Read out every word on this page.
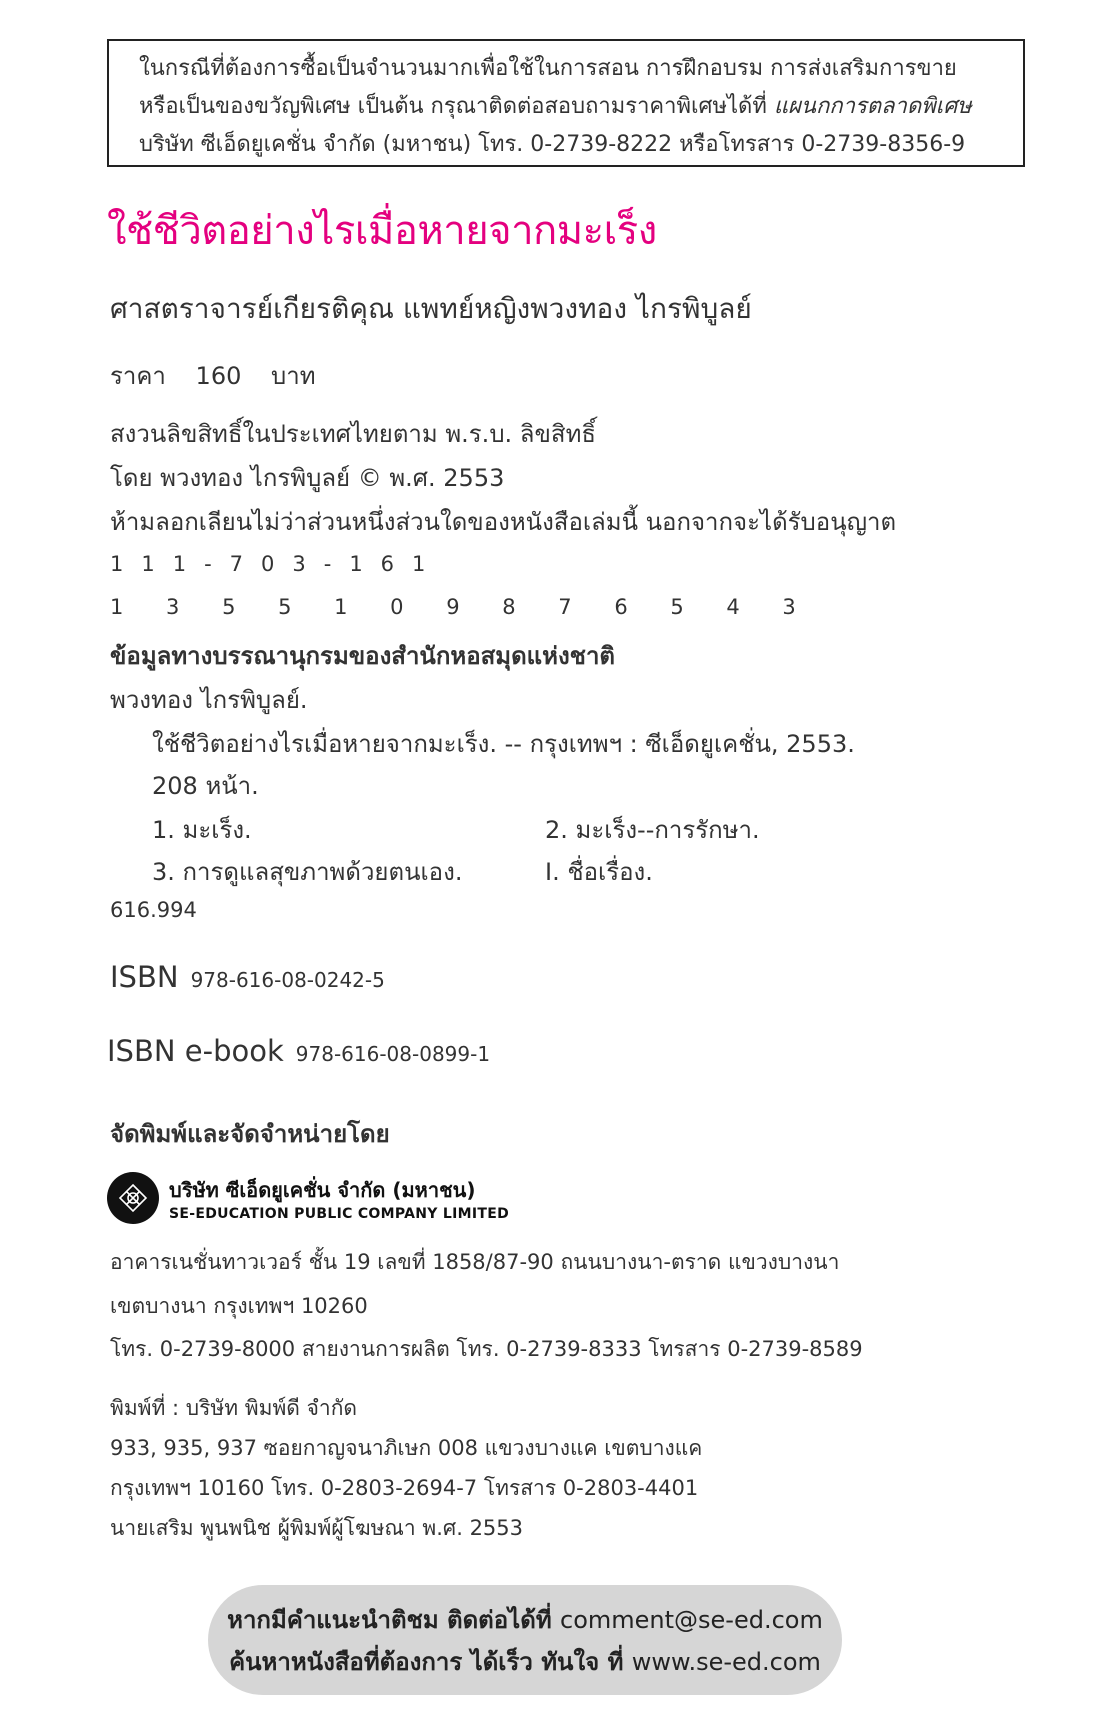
ในกรณีที่ต้องการซื้อเป็นจำนวนมากเพื่อใช้ในการสอน การฝึกอบรม การส่งเสริมการขาย
หรือเป็นของขวัญพิเศษ เป็นต้น กรุณาติดต่อสอบถามราคาพิเศษได้ที่ แผนกการตลาดพิเศษ
บริษัท ซีเอ็ดยูเคชั่น จำกัด (มหาชน) โทร. 0-2739-8222 หรือโทรสาร 0-2739-8356-9
ใช้ชีวิตอย่างไรเมื่อหายจากมะเร็ง
ศาสตราจารย์เกียรติคุณ แพทย์หญิงพวงทอง ไกรพิบูลย์
ราคา 160 บาท
สงวนลิขสิทธิ์ในประเทศไทยตาม พ.ร.บ. ลิขสิทธิ์
โดย พวงทอง ไกรพิบูลย์ © พ.ศ. 2553
ห้ามลอกเลียนไม่ว่าส่วนหนึ่งส่วนใดของหนังสือเล่มนี้ นอกจากจะได้รับอนุญาต
111-703-161
1 3 5 5 1 0 9 8 7 6 5 4 3
ข้อมูลทางบรรณานุกรมของสำนักหอสมุดแห่งชาติ
พวงทอง ไกรพิบูลย์.
ใช้ชีวิตอย่างไรเมื่อหายจากมะเร็ง. -- กรุงเทพฯ : ซีเอ็ดยูเคชั่น, 2553.
208 หน้า.
1. มะเร็ง.	2. มะเร็ง--การรักษา.
3. การดูแลสุขภาพด้วยตนเอง.	I. ชื่อเรื่อง.
616.994
ISBN 978-616-08-0242-5
ISBN e-book 978-616-08-0899-1
จัดพิมพ์และจัดจำหน่ายโดย
บริษัท ซีเอ็ดยูเคชั่น จำกัด (มหาชน)
SE-EDUCATION PUBLIC COMPANY LIMITED
อาคารเนชั่นทาวเวอร์ ชั้น 19 เลขที่ 1858/87-90 ถนนบางนา-ตราด แขวงบางนา
เขตบางนา กรุงเทพฯ 10260
โทร. 0-2739-8000 สายงานการผลิต โทร. 0-2739-8333 โทรสาร 0-2739-8589
พิมพ์ที่ : บริษัท พิมพ์ดี จำกัด
933, 935, 937 ซอยกาญจนาภิเษก 008 แขวงบางแค เขตบางแค
กรุงเทพฯ 10160 โทร. 0-2803-2694-7 โทรสาร 0-2803-4401
นายเสริม พูนพนิช ผู้พิมพ์ผู้โฆษณา พ.ศ. 2553
หากมีคำแนะนำติชม ติดต่อได้ที่ comment@se-ed.com
ค้นหาหนังสือที่ต้องการ ได้เร็ว ทันใจ ที่ www.se-ed.com
